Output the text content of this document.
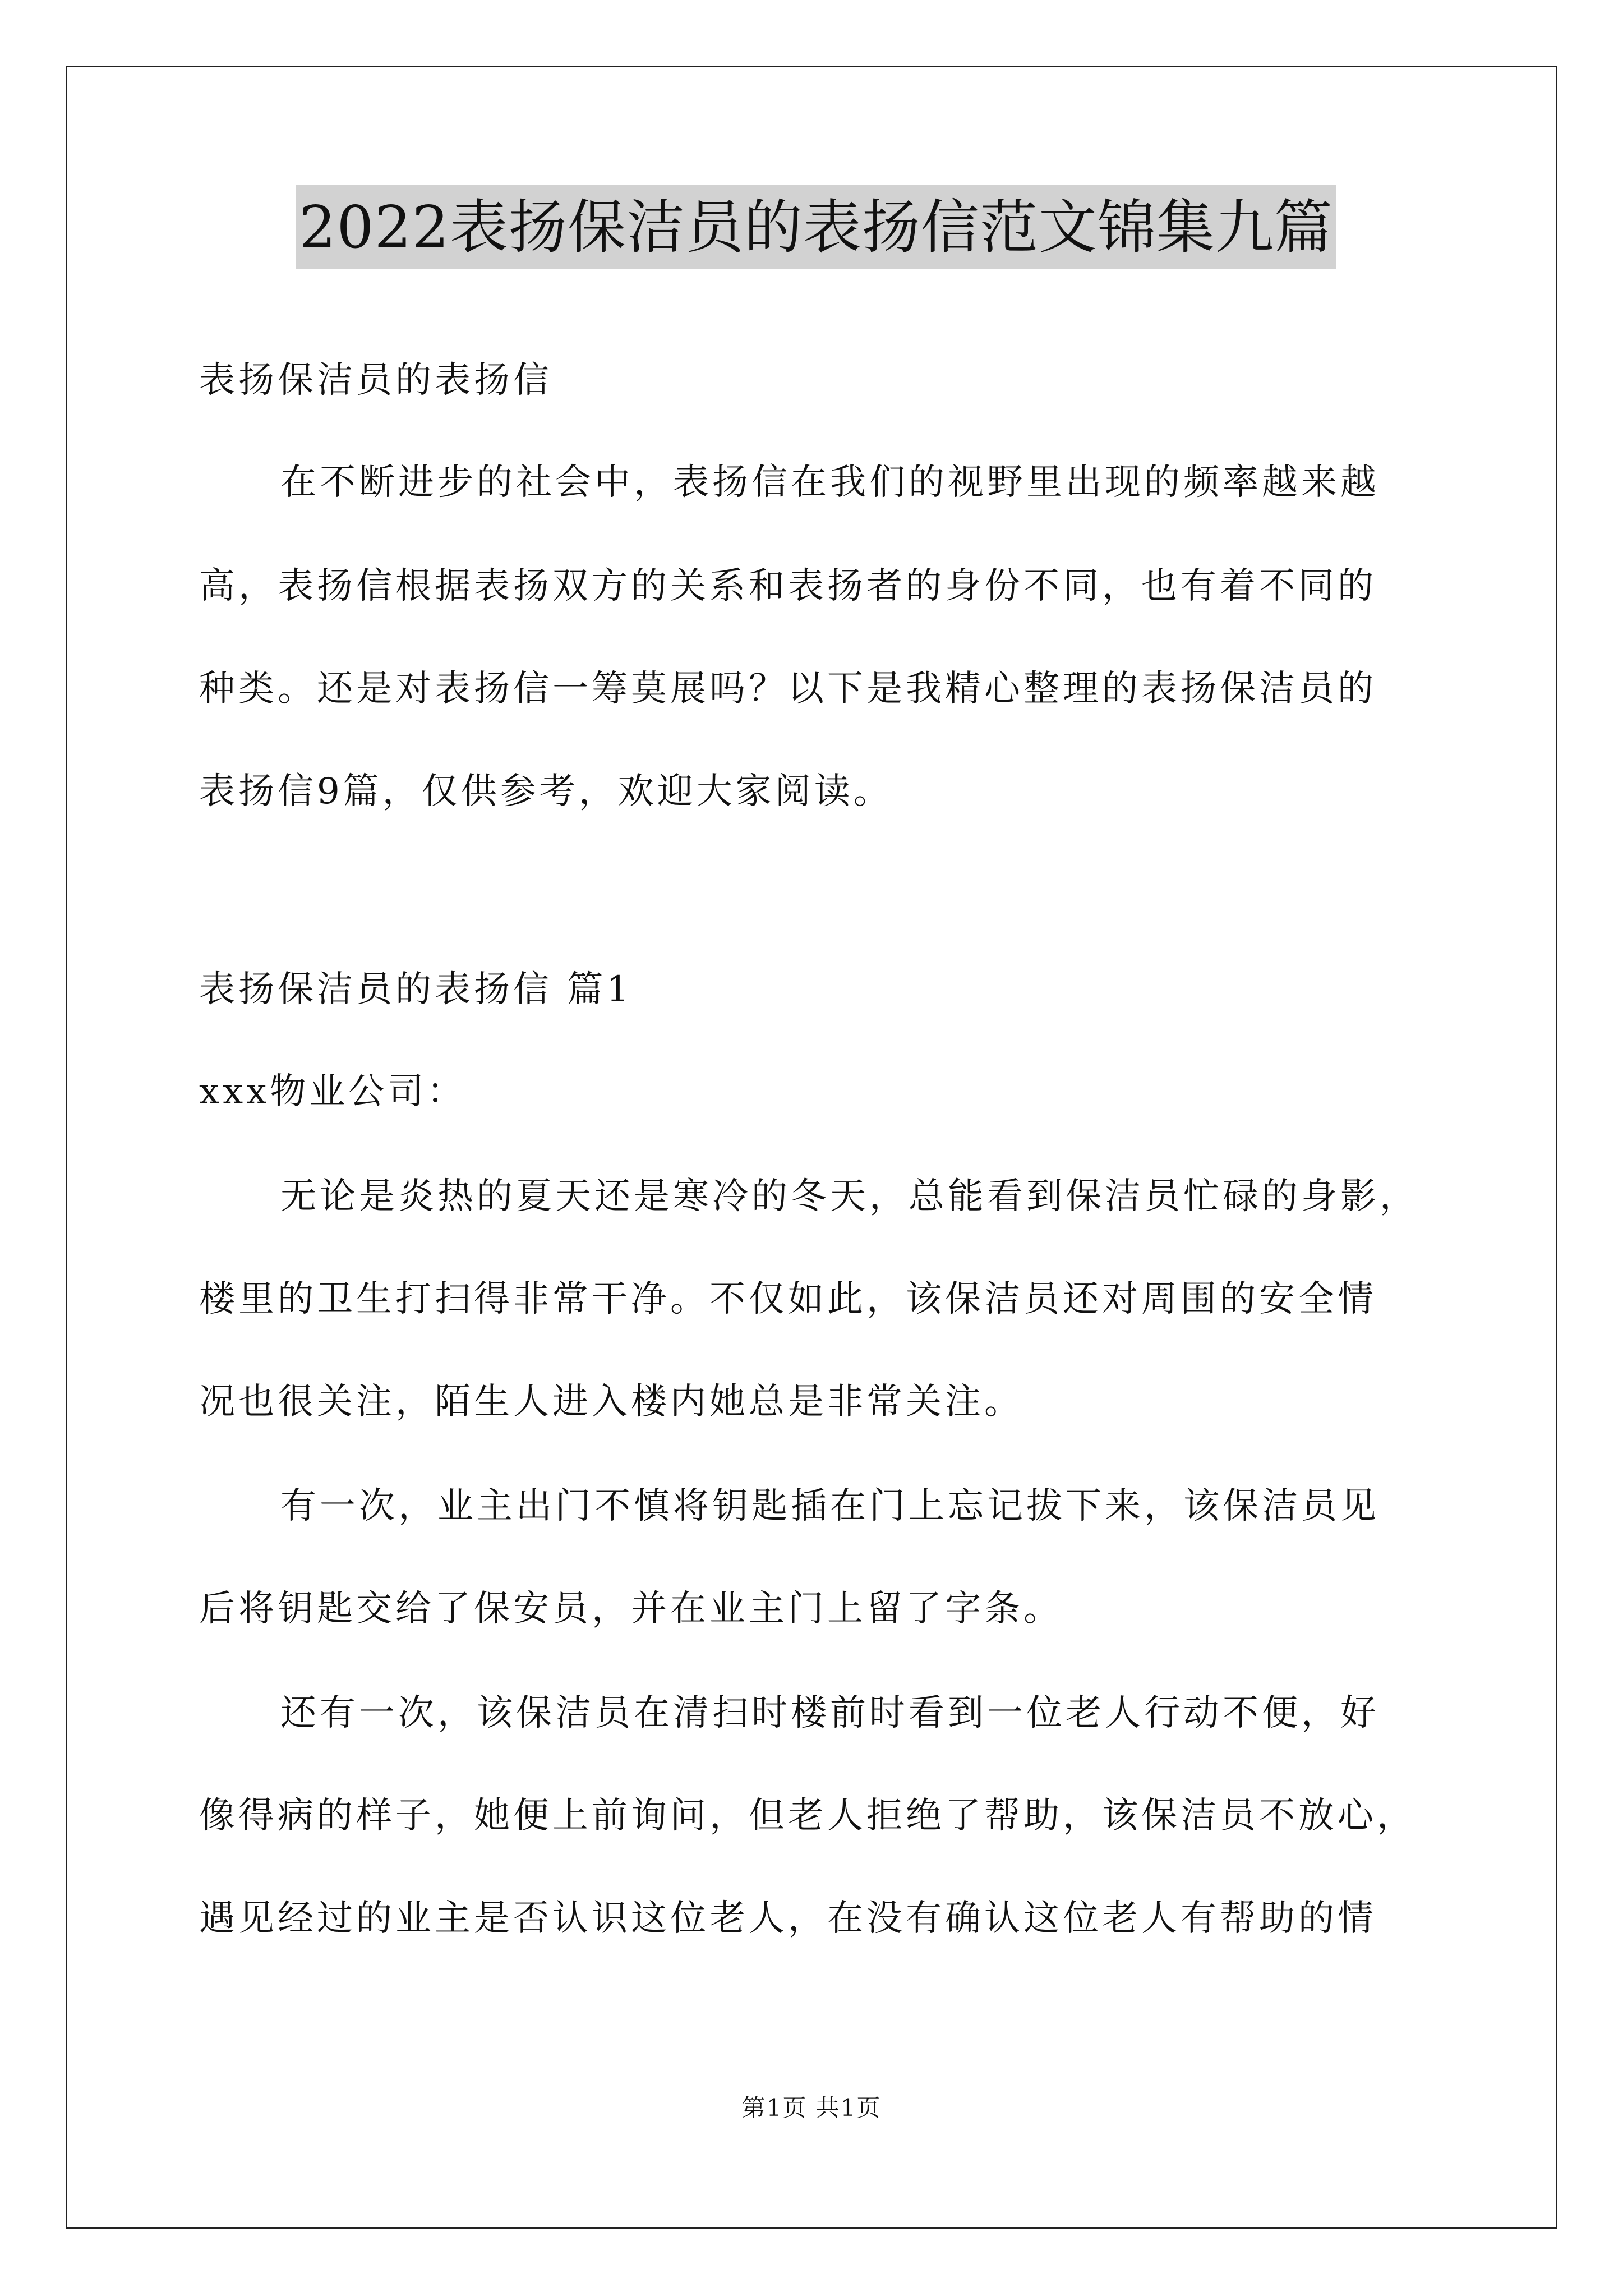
2022表扬保洁员的表扬信范文锦集九篇
表扬保洁员的表扬信
在不断进步的社会中，表扬信在我们的视野里出现的频率越来越
高，表扬信根据表扬双方的关系和表扬者的身份不同，也有着不同的
种类。还是对表扬信一筹莫展吗？以下是我精心整理的表扬保洁员的
表扬信9篇，仅供参考，欢迎大家阅读。
表扬保洁员的表扬信 篇1
xxx物业公司：
无论是炎热的夏天还是寒冷的冬天，总能看到保洁员忙碌的身影，
楼里的卫生打扫得非常干净。不仅如此，该保洁员还对周围的安全情
况也很关注，陌生人进入楼内她总是非常关注。
有一次，业主出门不慎将钥匙插在门上忘记拔下来，该保洁员见
后将钥匙交给了保安员，并在业主门上留了字条。
还有一次，该保洁员在清扫时楼前时看到一位老人行动不便，好
像得病的样子，她便上前询问，但老人拒绝了帮助，该保洁员不放心，
遇见经过的业主是否认识这位老人，在没有确认这位老人有帮助的情
第1页 共1页
